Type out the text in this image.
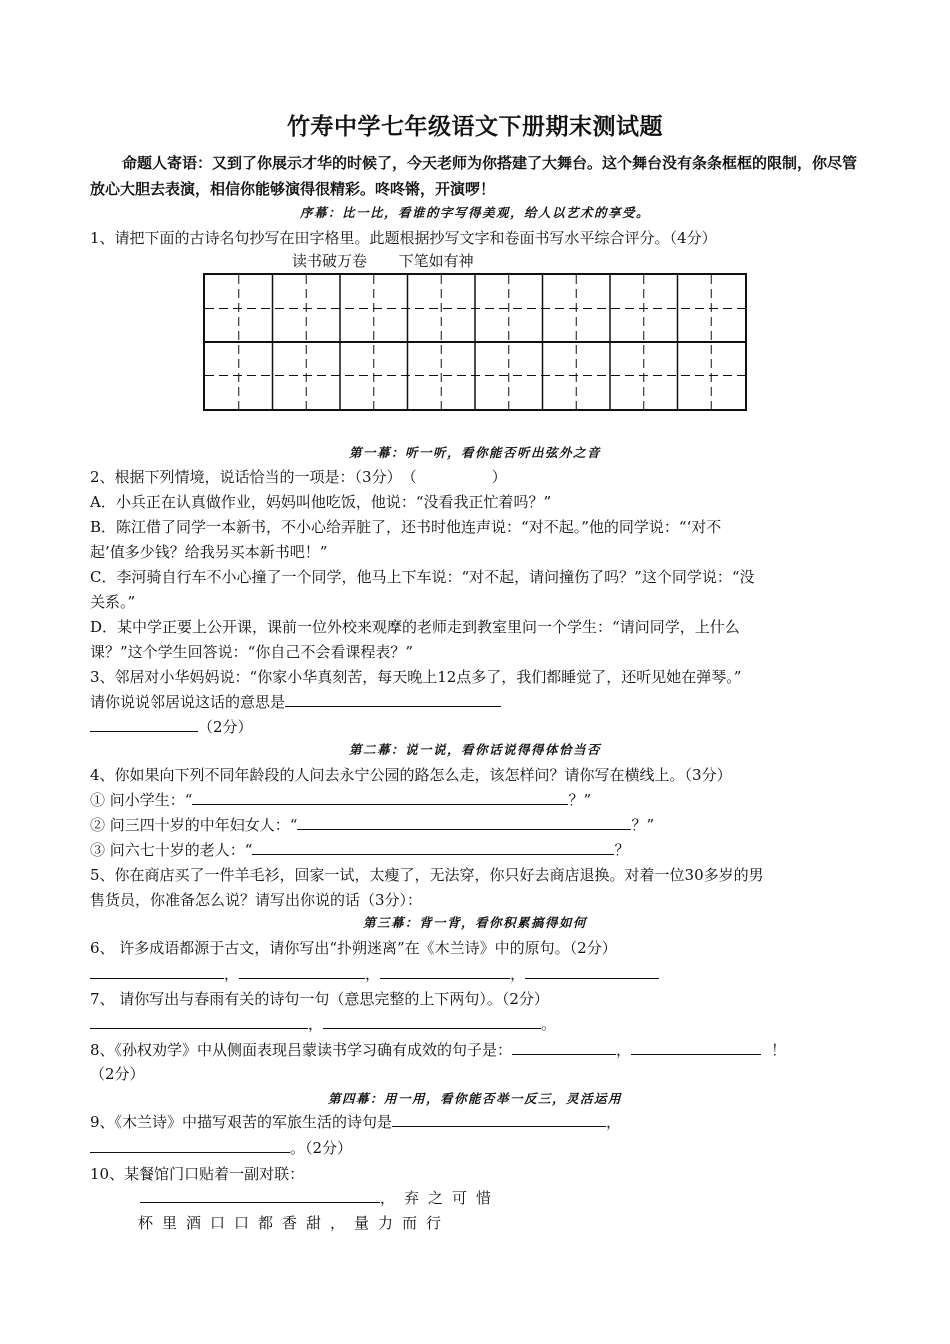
竹寿中学七年级语文下册期末测试题
命题人寄语：又到了你展示才华的时候了，今天老师为你搭建了大舞台。这个舞台没有条条框框的限制，你尽管放心大胆去表演，相信你能够演得很精彩。咚咚锵，开演啰！
序幕：比一比，看谁的字写得美观，给人以艺术的享受。
1、请把下面的古诗名句抄写在田字格里。此题根据抄写文字和卷面书写水平综合评分。（4分）
读书破万卷 下笔如有神
第一幕：听一听，看你能否听出弦外之音
2、根据下列情境，说话恰当的一项是：（3分）　（　　　　　）
A．小兵正在认真做作业，妈妈叫他吃饭，他说：“没看我正忙着吗？”
B．陈江借了同学一本新书，不小心给弄脏了，还书时他连声说：“对不起。”他的同学说：“‘对不
起’值多少钱？给我另买本新书吧！”
C．李河骑自行车不小心撞了一个同学，他马上下车说：“对不起，请问撞伤了吗？”这个同学说：“没
关系。”
D．某中学正要上公开课，课前一位外校来观摩的老师走到教室里问一个学生：“请问同学，上什么
课？”这个学生回答说：“你自己不会看课程表？”
3、邻居对小华妈妈说：“你家小华真刻苦，每天晚上12点多了，我们都睡觉了，还听见她在弹琴。”
请你说说邻居说这话的意思是
（2分）
第二幕：说一说，看你话说得得体恰当否
4、你如果向下列不同年龄段的人问去永宁公园的路怎么走，该怎样问？请你写在横线上。（3分）
① 问小学生：“	？”
② 问三四十岁的中年妇女人：“	？”
③ 问六七十岁的老人：“	？
5、你在商店买了一件羊毛衫，回家一试，太瘦了，无法穿，你只好去商店退换。对着一位30多岁的男
售货员，你准备怎么说？请写出你说的话（3分）：
第三幕：背一背，看你积累搞得如何
6、 许多成语都源于古文，请你写出“扑朔迷离”在《木兰诗》中的原句。（2分）
，	，	，
7、 请你写出与春雨有关的诗句一句（意思完整的上下两句）。（2分）
，	。
8、《孙权劝学》中从侧面表现吕蒙读书学习确有成效的句子是：	，	！
（2分）
第四幕：用一用，看你能否举一反三，灵活运用
9、《木兰诗》中描写艰苦的军旅生活的诗句是	，
。（2分）
10、某餐馆门口贴着一副对联：
，弃之可惜
杯里酒口口都香甜，量力而行
